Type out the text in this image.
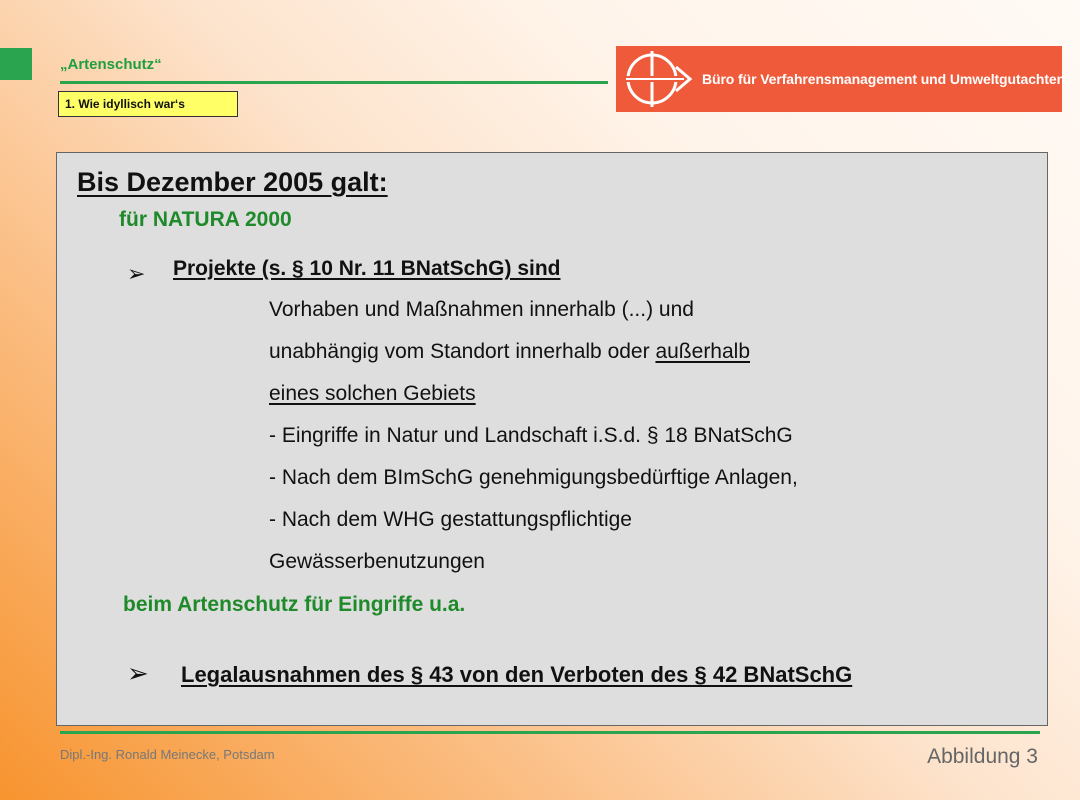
„Artenschutz“
1. Wie idyllisch war‘s
Büro für Verfahrensmanagement und Umweltgutachten
Bis Dezember 2005 galt:
für NATURA 2000
➢ Projekte (s. § 10 Nr. 11 BNatSchG) sind
Vorhaben und Maßnahmen innerhalb (...) und
unabhängig vom Standort innerhalb oder außerhalb
eines solchen Gebiets
- Eingriffe in Natur und Landschaft i.S.d. § 18 BNatSchG
- Nach dem BImSchG genehmigungsbedürftige Anlagen,
- Nach dem WHG gestattungspflichtige
Gewässerbenutzungen
beim Artenschutz für Eingriffe u.a.
➢ Legalausnahmen des § 43 von den Verboten des § 42 BNatSchG
Dipl.-Ing. Ronald Meinecke, Potsdam	Abbildung 3
